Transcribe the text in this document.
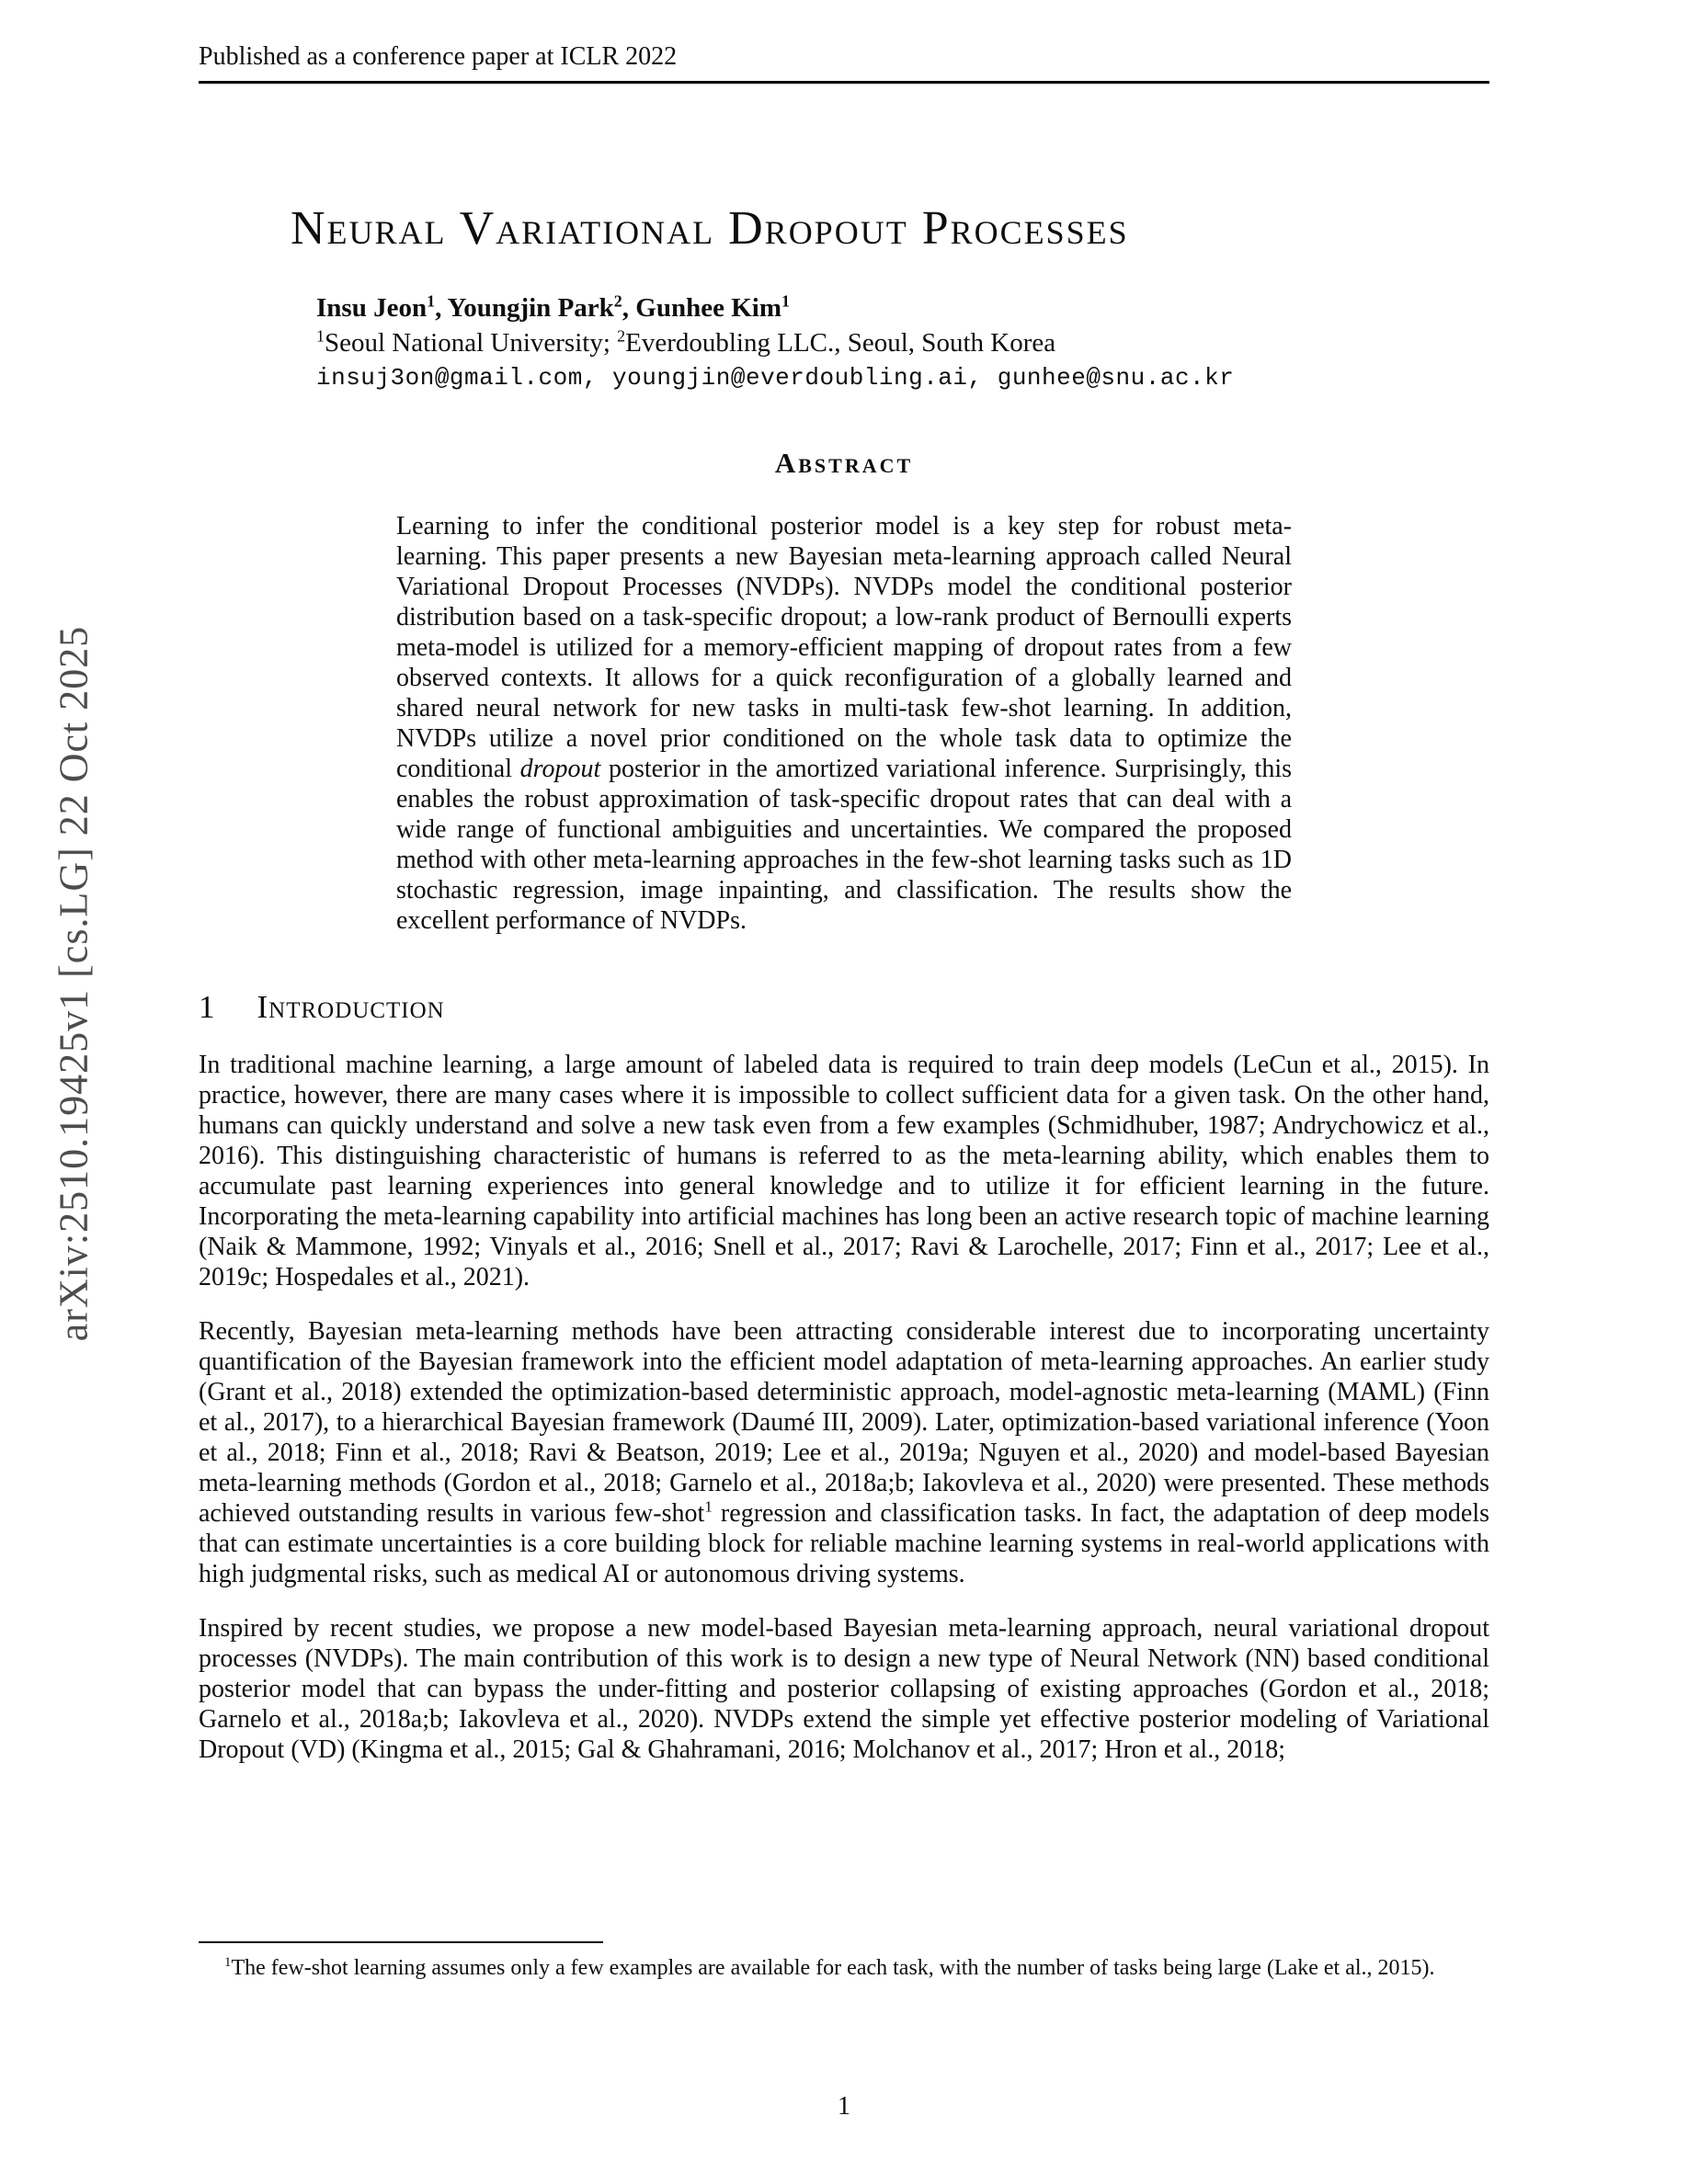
arXiv:2510.19425v1 [cs.LG] 22 Oct 2025
Published as a conference paper at ICLR 2022
Neural Variational Dropout Processes

Insu Jeon$^1$, Youngjin Park$^2$, Gunhee Kim$^1$

$^1$Seoul National University; $^2$Everdoubling LLC., Seoul, South Korea

insuj3on@gmail.com, youngjin@everdoubling.ai, gunhee@snu.ac.kr

Abstract

Learning to infer the conditional posterior model is a key step for robust meta-learning. This paper presents a new Bayesian meta-learning approach called Neural Variational Dropout Processes (NVDPs). NVDPs model the conditional posterior distribution based on a task-specific dropout; a low-rank product of Bernoulli experts meta-model is utilized for a memory-efficient mapping of dropout rates from a few observed contexts. It allows for a quick reconfiguration of a globally learned and shared neural network for new tasks in multi-task few-shot learning. In addition, NVDPs utilize a novel prior conditioned on the whole task data to optimize the conditional dropout posterior in the amortized variational inference. Surprisingly, this enables the robust approximation of task-specific dropout rates that can deal with a wide range of functional ambiguities and uncertainties. We compared the proposed method with other meta-learning approaches in the few-shot learning tasks such as 1D stochastic regression, image inpainting, and classification. The results show the excellent performance of NVDPs.

1 Introduction

In traditional machine learning, a large amount of labeled data is required to train deep models (LeCun et al., 2015). In practice, however, there are many cases where it is impossible to collect sufficient data for a given task. On the other hand, humans can quickly understand and solve a new task even from a few examples (Schmidhuber, 1987; Andrychowicz et al., 2016). This distinguishing characteristic of humans is referred to as the meta-learning ability, which enables them to accumulate past learning experiences into general knowledge and to utilize it for efficient learning in the future. Incorporating the meta-learning capability into artificial machines has long been an active research topic of machine learning (Naik & Mammone, 1992; Vinyals et al., 2016; Snell et al., 2017; Ravi & Larochelle, 2017; Finn et al., 2017; Lee et al., 2019c; Hospedales et al., 2021).

Recently, Bayesian meta-learning methods have been attracting considerable interest due to incorporating uncertainty quantification of the Bayesian framework into the efficient model adaptation of meta-learning approaches. An earlier study (Grant et al., 2018) extended the optimization-based deterministic approach, model-agnostic meta-learning (MAML) (Finn et al., 2017), to a hierarchical Bayesian framework (Daumé III, 2009). Later, optimization-based variational inference (Yoon et al., 2018; Finn et al., 2018; Ravi & Beatson, 2019; Lee et al., 2019a; Nguyen et al., 2020) and model-based Bayesian meta-learning methods (Gordon et al., 2018; Garnelo et al., 2018a;b; Iakovleva et al., 2020) were presented. These methods achieved outstanding results in various few-shot$^1$ regression and classification tasks. In fact, the adaptation of deep models that can estimate uncertainties is a core building block for reliable machine learning systems in real-world applications with high judgmental risks, such as medical AI or autonomous driving systems.

Inspired by recent studies, we propose a new model-based Bayesian meta-learning approach, neural variational dropout processes (NVDPs). The main contribution of this work is to design a new type of Neural Network (NN) based conditional posterior model that can bypass the under-fitting and posterior collapsing of existing approaches (Gordon et al., 2018; Garnelo et al., 2018a;b; Iakovleva et al., 2020). NVDPs extend the simple yet effective posterior modeling of Variational Dropout (VD) (Kingma et al., 2015; Gal & Ghahramani, 2016; Molchanov et al., 2017; Hron et al., 2018;

$^1$The few-shot learning assumes only a few examples are available for each task, with the number of tasks being large (Lake et al., 2015).

1
